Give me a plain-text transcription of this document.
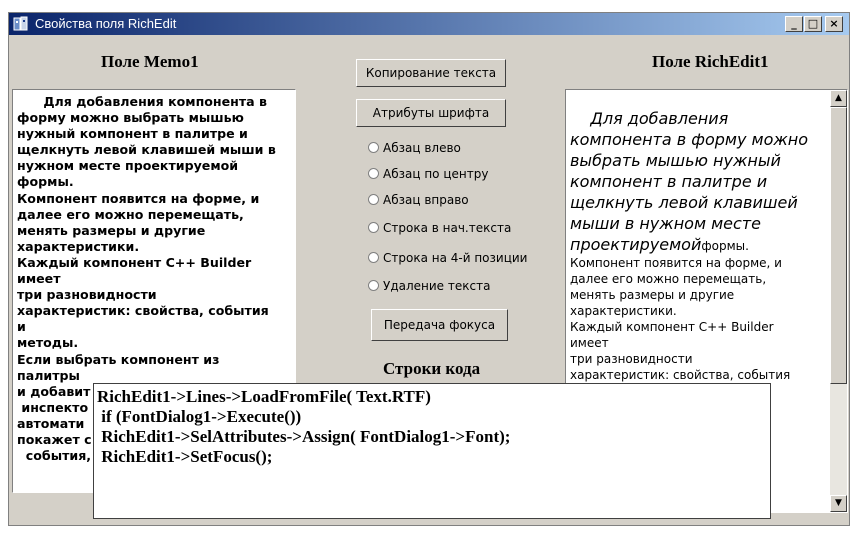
Свойства поля RichEdit	_	□	×
Поле Memo1	Поле RichEdit1
Для добавления компонента в
форму можно выбрать мышью
нужный компонент в палитре и
щелкнуть левой клавишей мыши в
нужном месте проектируемой
формы.
Компонент появится на форме, и
далее его можно перемещать,
менять размеры и другие
характеристики.
Каждый компонент C++ Builder
имеет
три разновидности
характеристик: свойства, события
и
методы.
Если выбрать компонент из
палитры
и добавит
инспекто
автомати
покажет с
события,
Копирование текста
Атрибуты шрифта
Абзац влево
Абзац по центру
Абзац вправо
Строка в нач.текста
Строка на 4-й позиции
Удаление текста
Передача фокуса
Строки кода
Для добавления
компонента в форму можно
выбрать мышью нужный
компонент в палитре и
щелкнуть левой клавишей
мыши в нужном месте
проектируемойформы.
Компонент появится на форме, и
далее его можно перемещать,
менять размеры и другие
характеристики.
Каждый компонент C++ Builder
имеет
три разновидности
характеристик: свойства, события
▲
▼
RichEdit1->Lines->LoadFromFile( Text.RTF)
if (FontDialog1->Execute())
RichEdit1->SelAttributes->Assign( FontDialog1->Font);
RichEdit1->SetFocus();
